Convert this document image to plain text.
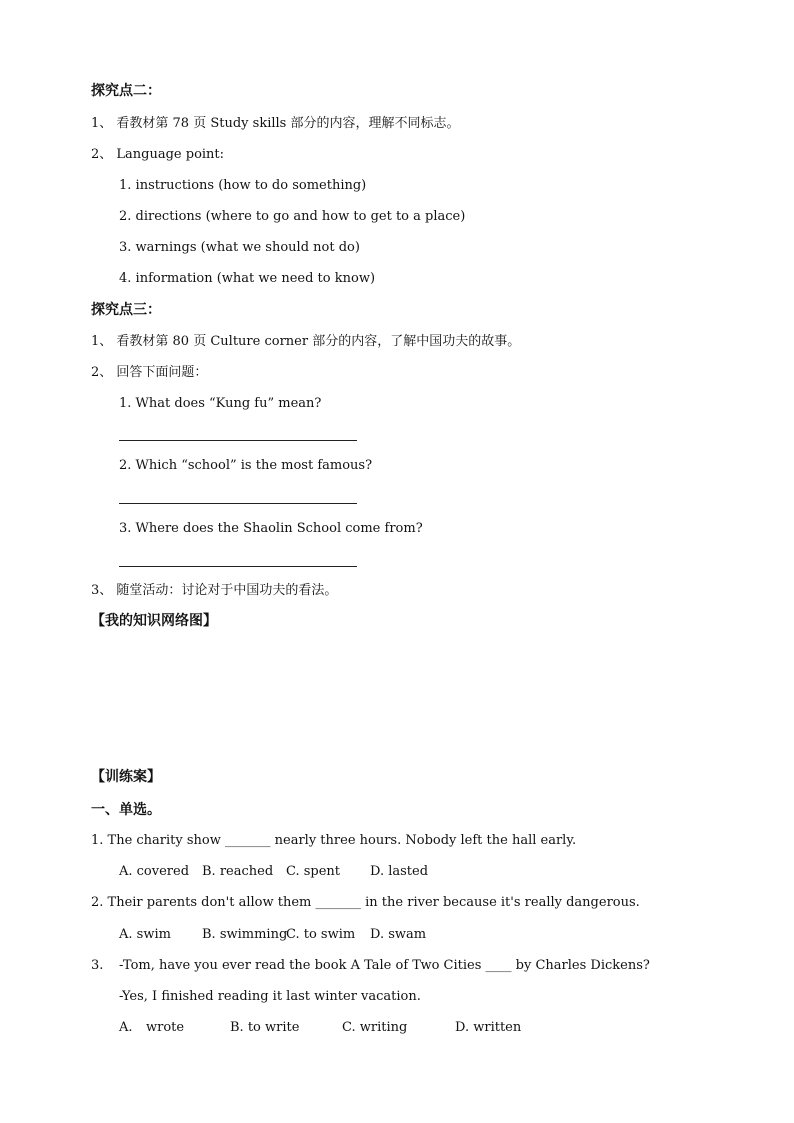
探究点二：
1、 看教材第 78 页 Study skills 部分的内容，理解不同标志。
2、 Language point:
1. instructions (how to do something)
2. directions (where to go and how to get to a place)
3. warnings (what we should not do)
4. information (what we need to know)
探究点三：
1、 看教材第 80 页 Culture corner 部分的内容，了解中国功夫的故事。
2、 回答下面问题：
1. What does “Kung fu” mean?
2. Which “school” is the most famous?
3. Where does the Shaolin School come from?
3、 随堂活动：讨论对于中国功夫的看法。
【我的知识网络图】
【训练案】
一、单选。
1. The charity show _______ nearly three hours. Nobody left the hall early.
A. covered B. reached C. spent D. lasted
2. Their parents don't allow them _______ in the river because it's really dangerous.
A. swim B. swimming
C. to swim D. swam
3. -Tom, have you ever read the book A Tale of Two Cities ____ by Charles Dickens?
-Yes, I finished reading it last winter vacation.
A. wrote	B. to write	C. writing	D. written
